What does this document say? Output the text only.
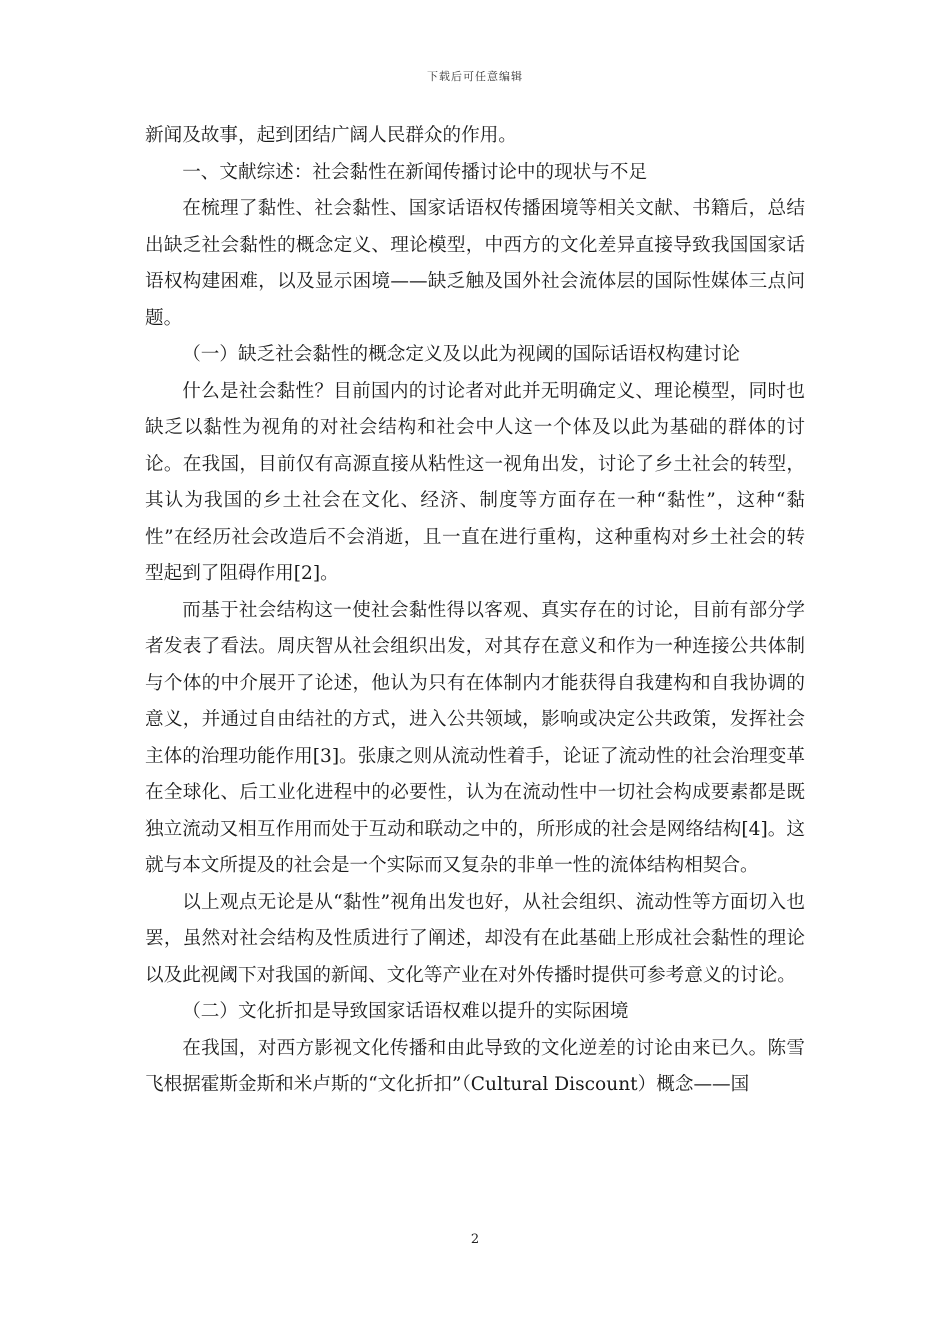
下载后可任意编辑

新闻及故事，起到团结广阔人民群众的作用。

一、文献综述：社会黏性在新闻传播讨论中的现状与不足

在梳理了黏性、社会黏性、国家话语权传播困境等相关文献、书籍后，总结出缺乏社会黏性的概念定义、理论模型，中西方的文化差异直接导致我国国家话语权构建困难，以及显示困境——缺乏触及国外社会流体层的国际性媒体三点问题。

（一）缺乏社会黏性的概念定义及以此为视阈的国际话语权构建讨论

什么是社会黏性？目前国内的讨论者对此并无明确定义、理论模型，同时也缺乏以黏性为视角的对社会结构和社会中人这一个体及以此为基础的群体的讨论。在我国，目前仅有高源直接从粘性这一视角出发，讨论了乡土社会的转型，其认为我国的乡土社会在文化、经济、制度等方面存在一种“黏性”，这种“黏性”在经历社会改造后不会消逝，且一直在进行重构，这种重构对乡土社会的转型起到了阻碍作用[2]。

而基于社会结构这一使社会黏性得以客观、真实存在的讨论，目前有部分学者发表了看法。周庆智从社会组织出发，对其存在意义和作为一种连接公共体制与个体的中介展开了论述，他认为只有在体制内才能获得自我建构和自我协调的意义，并通过自由结社的方式，进入公共领域，影响或决定公共政策，发挥社会主体的治理功能作用[3]。张康之则从流动性着手，论证了流动性的社会治理变革在全球化、后工业化进程中的必要性，认为在流动性中一切社会构成要素都是既独立流动又相互作用而处于互动和联动之中的，所形成的社会是网络结构[4]。这就与本文所提及的社会是一个实际而又复杂的非单一性的流体结构相契合。

以上观点无论是从“黏性”视角出发也好，从社会组织、流动性等方面切入也罢，虽然对社会结构及性质进行了阐述，却没有在此基础上形成社会黏性的理论以及此视阈下对我国的新闻、文化等产业在对外传播时提供可参考意义的讨论。

（二）文化折扣是导致国家话语权难以提升的实际困境

在我国，对西方影视文化传播和由此导致的文化逆差的讨论由来已久。陈雪飞根据霍斯金斯和米卢斯的“文化折扣”（Cultural Discount）概念——国

2
